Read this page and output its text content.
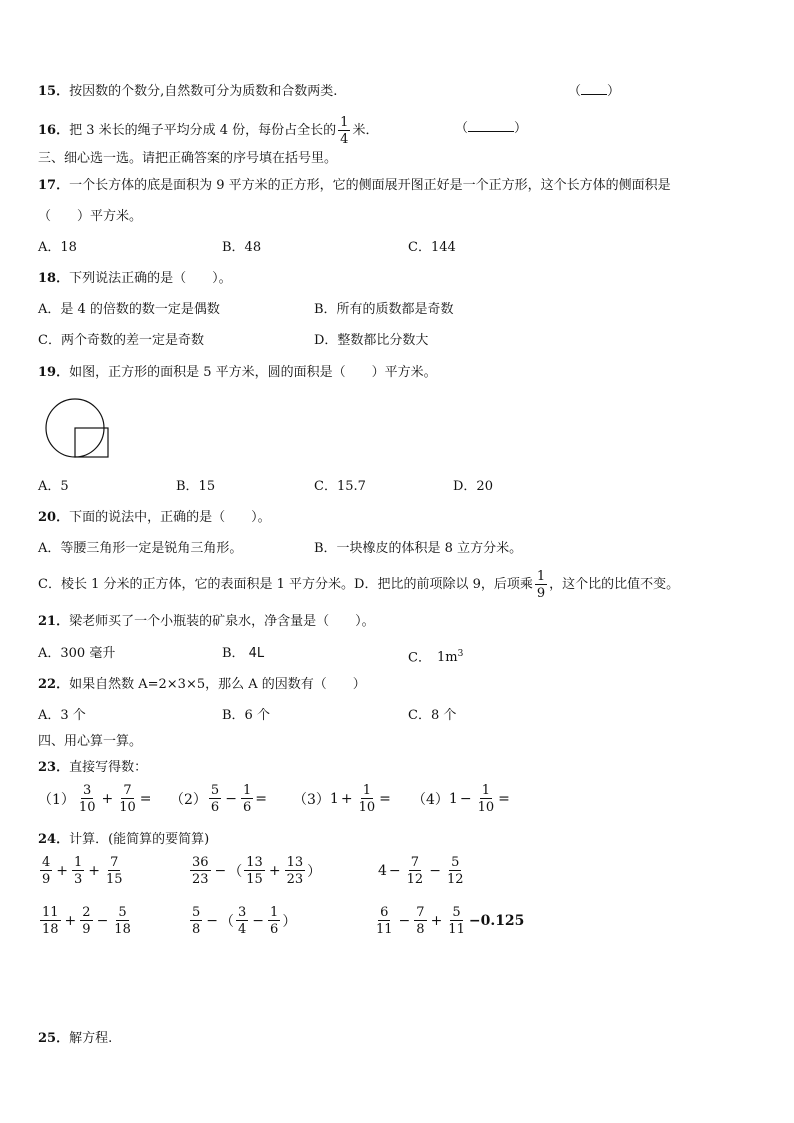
15．按因数的个数分,自然数可分为质数和合数两类.	（ ）
16． 把 3 米长的绳子平均分成 4 份，每份占全长的 $\frac{1}{4}$ 米．	（	）
三、细心选一选。请把正确答案的序号填在括号里。
17．一个长方体的底是面积为 9 平方米的正方形，它的侧面展开图正好是一个正方形，这个长方体的侧面积是
（　　）平方米。
A．18	B．48	C．144
18．下列说法正确的是（　　）。
A．是 4 的倍数的数一定是偶数	B．所有的质数都是奇数
C．两个奇数的差一定是奇数	D．整数都比分数大
19．如图，正方形的面积是 5 平方米，圆的面积是（　　）平方米。
A．5	B．15	C．15.7	D．20
20．下面的说法中，正确的是（　　）。
A．等腰三角形一定是锐角三角形。	B．一块橡皮的体积是 8 立方分米。
C．棱长 1 分米的正方体，它的表面积是 1 平方分米。 D．把比的前项除以 9，后项乘 $\frac{1}{9}$ ，这个比的比值不变。
21．梁老师买了一个小瓶装的矿泉水，净含量是（　　）。
A．300 毫升	B． 4L	C． $1m^3$
22．如果自然数 A=2×3×5，那么 A 的因数有（　　）
A．3 个	B．6 个	C．8 个
四、用心算一算。
23．直接写得数：
$(1) \frac{3}{10} + \frac{7}{10} = (2) \frac{5}{6} - \frac{1}{6} = (3) 1 + \frac{1}{10} = (4) 1 - \frac{1}{10}$ =
24．计算．(能简算的要简算)
$\frac{4}{9} + \frac{1}{3} + \frac{7}{15}$	$\frac{36}{23}$ − （ $\frac{13}{15} + \frac{13}{23}$ ）	$4 - \frac{7}{12} - \frac{5}{12}$
$\frac{11}{18} + \frac{2}{9} - \frac{5}{18}$	$\frac{5}{8}$ − （ $\frac{3}{4} - \frac{1}{6}$ ）	$\frac{6}{11} - \frac{7}{8} + \frac{5}{11} -0.125$
25．解方程.
